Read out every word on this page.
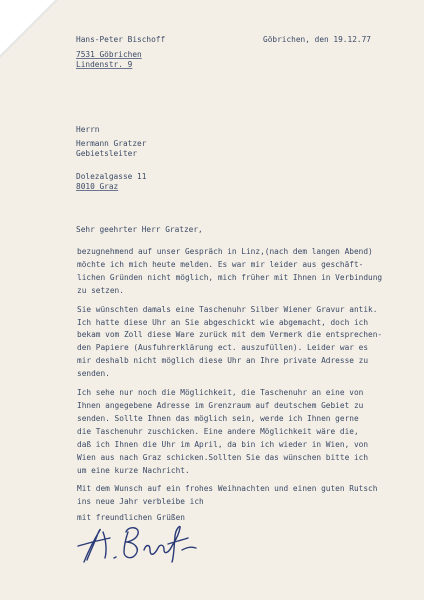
Hans-Peter Bischoff	Göbrichen, den 19.12.77
7531 Göbrichen
Lindenstr. 9
Herrn
Hermann Gratzer
Gebietsleiter
Dolezalgasse 11
8010 Graz
Sehr geehrter Herr Gratzer,
bezugnehmend auf unser Gespräch in Linz,(nach dem langen Abend)
möchte ich mich heute melden. Es war mir leider aus geschäft-
lichen Gründen nicht möglich, mich früher mit Ihnen in Verbindung
zu setzen.
Sie wünschten damals eine Taschenuhr Silber Wiener Gravur antik.
Ich hatte diese Uhr an Sie abgeschickt wie abgemacht, doch ich
bekam vom Zoll diese Ware zurück mit dem Vermerk die entsprechen-
den Papiere (Ausfuhrerklärung ect. auszufüllen). Leider war es
mir deshalb nicht möglich diese Uhr an Ihre private Adresse zu
senden.
Ich sehe nur noch die Möglichkeit, die Taschenuhr an eine von
Ihnen angegebene Adresse im Grenzraum auf deutschem Gebiet zu
senden. Sollte Ihnen das möglich sein, werde ich Ihnen gerne
die Taschenuhr zuschicken. Eine andere Möglichkeit wäre die,
daß ich Ihnen die Uhr im April, da bin ich wieder in Wien, von
Wien aus nach Graz schicken.Sollten Sie das wünschen bitte ich
um eine kurze Nachricht.
Mit dem Wunsch auf ein frohes Weihnachten und einen guten Rutsch
ins neue Jahr verbleibe ich
mit freundlichen Grüßen
